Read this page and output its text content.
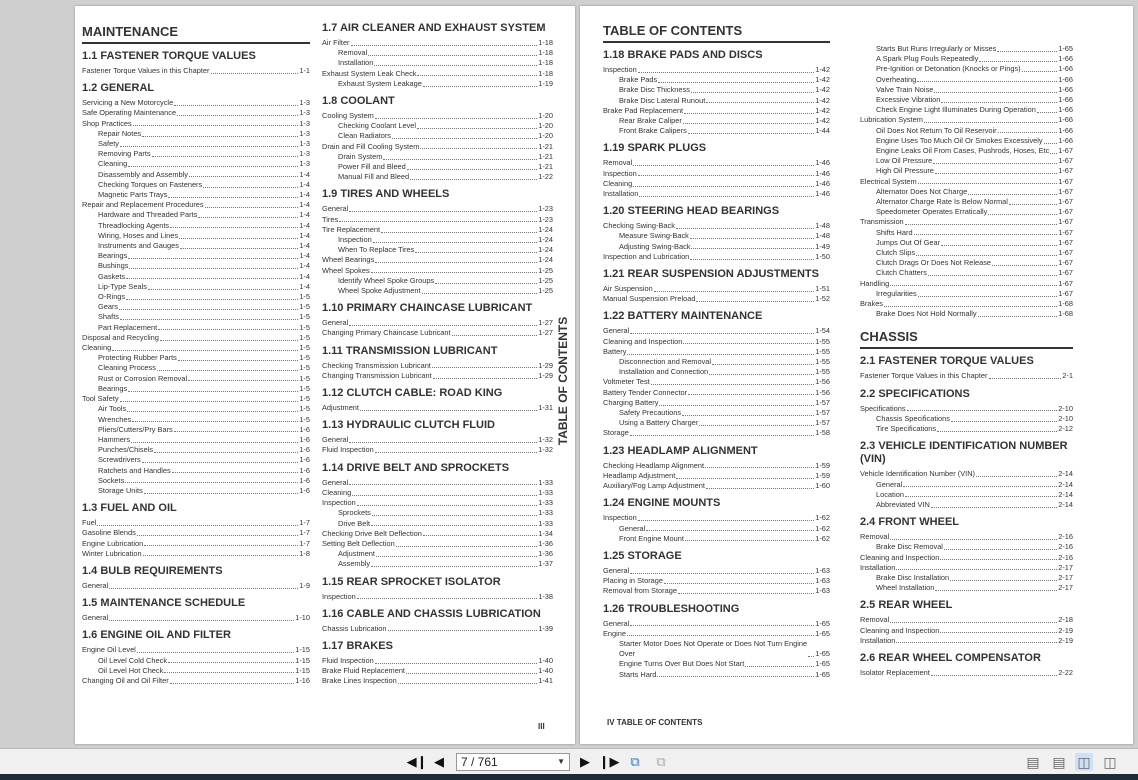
MAINTENANCE
1.1 FASTENER TORQUE VALUES
Fastener Torque Values in this Chapter	1-1
1.2 GENERAL
Servicing a New Motorcycle	1-3
Safe Operating Maintenance	1-3
Shop Practices	1-3
Repair Notes	1-3
Safety	1-3
Removing Parts	1-3
Cleaning	1-3
Disassembly and Assembly	1-4
Checking Torques on Fasteners	1-4
Magnetic Parts Trays	1-4
Repair and Replacement Procedures	1-4
Hardware and Threaded Parts	1-4
Threadlocking Agents	1-4
Wiring, Hoses and Lines	1-4
Instruments and Gauges	1-4
Bearings	1-4
Bushings	1-4
Gaskets	1-4
Lip-Type Seals	1-4
O-Rings	1-5
Gears	1-5
Shafts	1-5
Part Replacement	1-5
Disposal and Recycling	1-5
Cleaning	1-5
Protecting Rubber Parts	1-5
Cleaning Process	1-5
Rust or Corrosion Removal	1-5
Bearings	1-5
Tool Safety	1-5
Air Tools	1-5
Wrenches	1-5
Pliers/Cutters/Pry Bars	1-6
Hammers	1-6
Punches/Chisels	1-6
Screwdrivers	1-6
Ratchets and Handles	1-6
Sockets	1-6
Storage Units	1-6
1.3 FUEL AND OIL
Fuel	1-7
Gasoline Blends	1-7
Engine Lubrication	1-7
Winter Lubrication	1-8
1.4 BULB REQUIREMENTS
General	1-9
1.5 MAINTENANCE SCHEDULE
General	1-10
1.6 ENGINE OIL AND FILTER
Engine Oil Level	1-15
Oil Level Cold Check	1-15
Oil Level Hot Check	1-15
Changing Oil and Oil Filter	1-16
1.7 AIR CLEANER AND EXHAUST SYSTEM
Air Filter	1-18
Removal	1-18
Installation	1-18
Exhaust System Leak Check	1-18
Exhaust System Leakage	1-19
1.8 COOLANT
Cooling System	1-20
Checking Coolant Level	1-20
Clean Radiators	1-20
Drain and Fill Cooling System	1-21
Drain System	1-21
Power Fill and Bleed	1-21
Manual Fill and Bleed	1-22
1.9 TIRES AND WHEELS
General	1-23
Tires	1-23
Tire Replacement	1-24
Inspection	1-24
When To Replace Tires	1-24
Wheel Bearings	1-24
Wheel Spokes	1-25
Identify Wheel Spoke Groups	1-25
Wheel Spoke Adjustment	1-25
1.10 PRIMARY CHAINCASE LUBRICANT
General	1-27
Changing Primary Chaincase Lubricant	1-27
1.11 TRANSMISSION LUBRICANT
Checking Transmission Lubricant	1-29
Changing Transmission Lubricant	1-29
1.12 CLUTCH CABLE: ROAD KING
Adjustment	1-31
1.13 HYDRAULIC CLUTCH FLUID
General	1-32
Fluid Inspection	1-32
1.14 DRIVE BELT AND SPROCKETS
General	1-33
Cleaning	1-33
Inspection	1-33
Sprockets	1-33
Drive Belt	1-33
Checking Drive Belt Deflection	1-34
Setting Belt Deflection	1-36
Adjustment	1-36
Assembly	1-37
1.15 REAR SPROCKET ISOLATOR
Inspection	1-38
1.16 CABLE AND CHASSIS LUBRICATION
Chassis Lubrication	1-39
1.17 BRAKES
Fluid Inspection	1-40
Brake Fluid Replacement	1-40
Brake Lines Inspection	1-41
TABLE OF CONTENTS
III
TABLE OF CONTENTS
1.18 BRAKE PADS AND DISCS
Inspection	1-42
Brake Pads	1-42
Brake Disc Thickness	1-42
Brake Disc Lateral Runout	1-42
Brake Pad Replacement	1-42
Rear Brake Caliper	1-42
Front Brake Calipers	1-44
1.19 SPARK PLUGS
Removal	1-46
Inspection	1-46
Cleaning	1-46
Installation	1-46
1.20 STEERING HEAD BEARINGS
Checking Swing-Back	1-48
Measure Swing-Back	1-48
Adjusting Swing-Back	1-49
Inspection and Lubrication	1-50
1.21 REAR SUSPENSION ADJUSTMENTS
Air Suspension	1-51
Manual Suspension Preload	1-52
1.22 BATTERY MAINTENANCE
General	1-54
Cleaning and Inspection	1-55
Battery	1-55
Disconnection and Removal	1-55
Installation and Connection	1-55
Voltmeter Test	1-56
Battery Tender Connector	1-56
Charging Battery	1-57
Safety Precautions	1-57
Using a Battery Charger	1-57
Storage	1-58
1.23 HEADLAMP ALIGNMENT
Checking Headlamp Alignment	1-59
Headlamp Adjustment	1-59
Auxiliary/Fog Lamp Adjustment	1-60
1.24 ENGINE MOUNTS
Inspection	1-62
General	1-62
Front Engine Mount	1-62
1.25 STORAGE
General	1-63
Placing in Storage	1-63
Removal from Storage	1-63
1.26 TROUBLESHOOTING
General	1-65
Engine	1-65
Starter Motor Does Not Operate or Does Not Turn Engine Over	1-65
Engine Turns Over But Does Not Start	1-65
Starts Hard	1-65
Starts But Runs Irregularly or Misses	1-65
A Spark Plug Fouls Repeatedly	1-66
Pre-Ignition or Detonation (Knocks or Pings)	1-66
Overheating	1-66
Valve Train Noise	1-66
Excessive Vibration	1-66
Check Engine Light Illuminates During Operation	1-66
Lubrication System	1-66
Oil Does Not Return To Oil Reservoir	1-66
Engine Uses Too Much Oil Or Smokes Excessively 1-66
Engine Leaks Oil From Cases, Pushrods, Hoses, Etc 1-67
Low Oil Pressure	1-67
High Oil Pressure	1-67
Electrical System	1-67
Alternator Does Not Charge	1-67
Alternator Charge Rate Is Below Normal	1-67
Speedometer Operates Erratically	1-67
Transmission	1-67
Shifts Hard	1-67
Jumps Out Of Gear	1-67
Clutch Slips	1-67
Clutch Drags Or Does Not Release	1-67
Clutch Chatters	1-67
Handling	1-67
Irregularities	1-67
Brakes	1-68
Brake Does Not Hold Normally	1-68
CHASSIS
2.1 FASTENER TORQUE VALUES
Fastener Torque Values in this Chapter	2-1
2.2 SPECIFICATIONS
Specifications	2-10
Chassis Specifications	2-10
Tire Specifications	2-12
2.3 VEHICLE IDENTIFICATION NUMBER (VIN)
Vehicle Identification Number (VIN)	2-14
General	2-14
Location	2-14
Abbreviated VIN	2-14
2.4 FRONT WHEEL
Removal	2-16
Brake Disc Removal	2-16
Cleaning and Inspection	2-16
Installation	2-17
Brake Disc Installation	2-17
Wheel Installation	2-17
2.5 REAR WHEEL
Removal	2-18
Cleaning and Inspection	2-19
Installation	2-19
2.6 REAR WHEEL COMPENSATOR
Isolator Replacement	2-22
IV TABLE OF CONTENTS
◀❙ ◀	7 / 761	▼ ▶ ❙▶ ⧉ ⧉	▤ ▤ ◫ ◫
